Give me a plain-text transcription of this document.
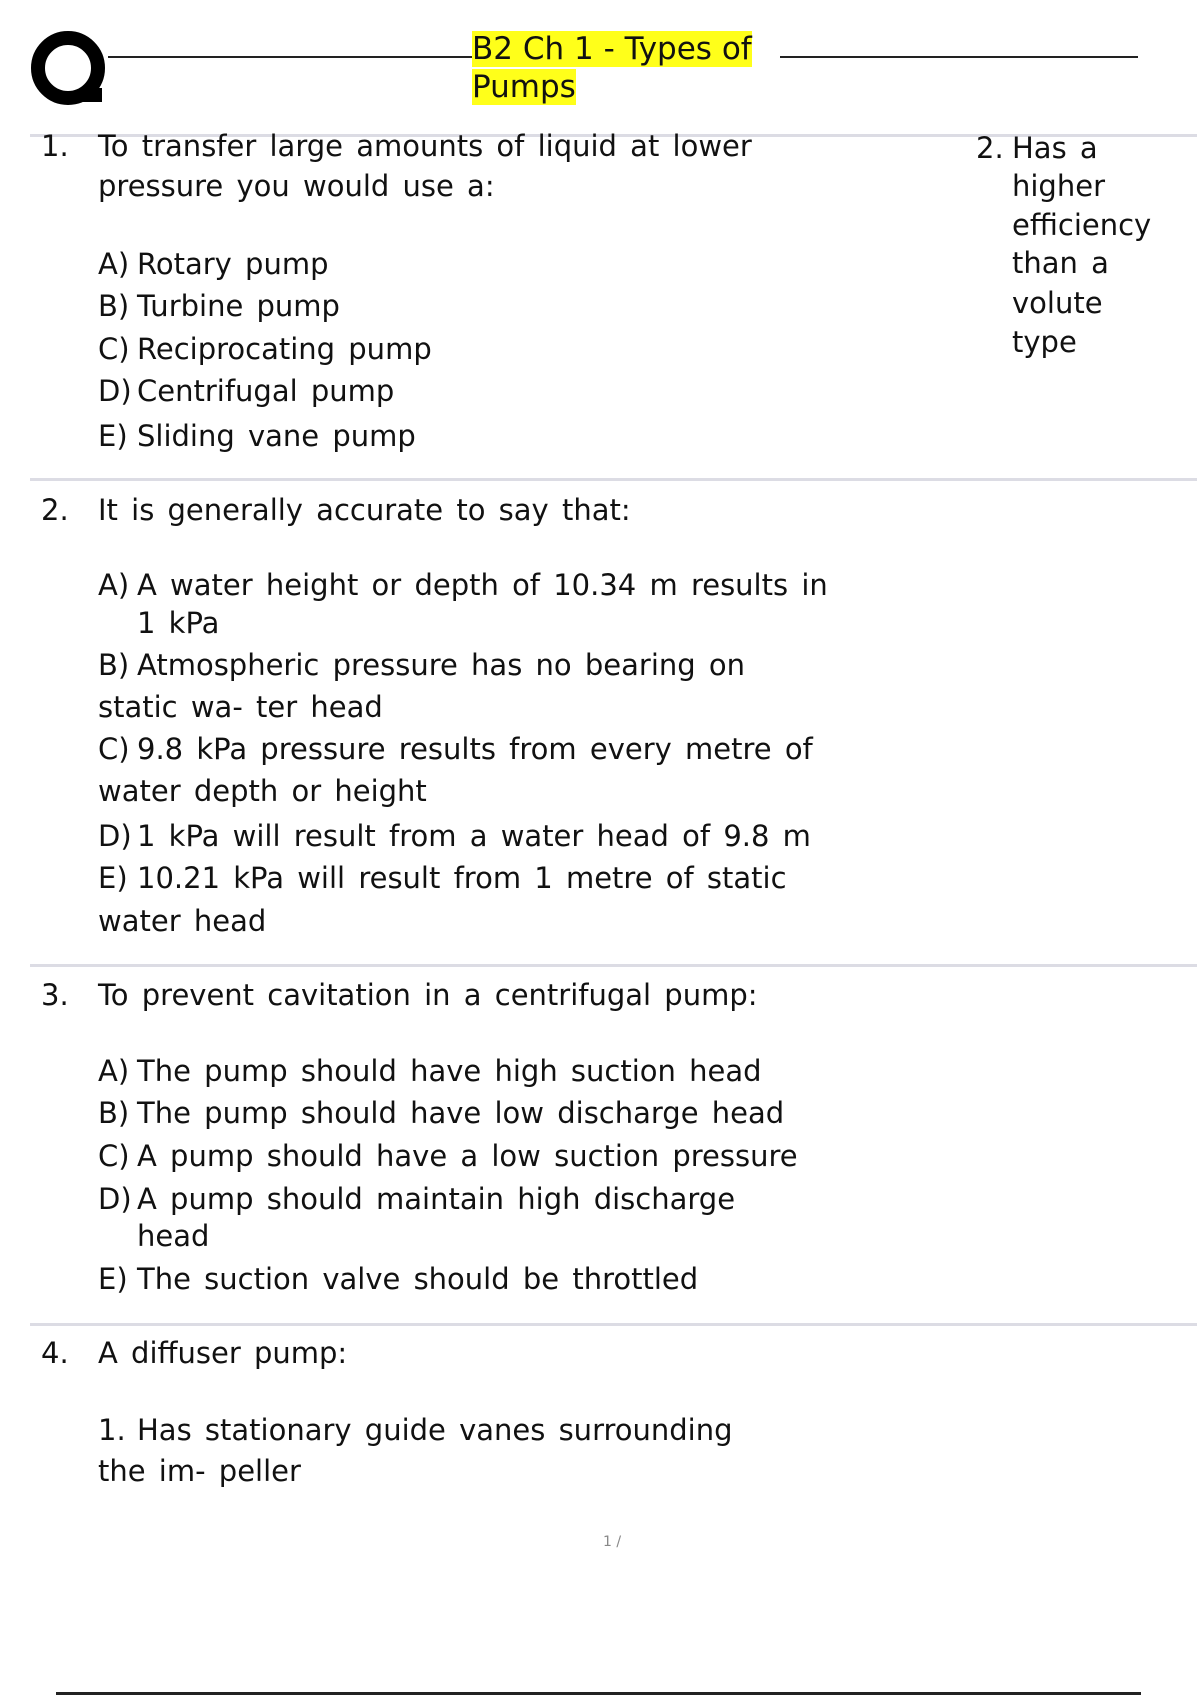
B2 Ch 1 - Types of
Pumps
1. To transfer large amounts of liquid at lower
pressure you would use a:
A) Rotary pump
B) Turbine pump
C) Reciprocating pump
D) Centrifugal pump
E) Sliding vane pump
2. It is generally accurate to say that:
A) A water height or depth of 10.34 m results in
1 kPa
B) Atmospheric pressure has no bearing on
static wa- ter head
C) 9.8 kPa pressure results from every metre of
water depth or height
D) 1 kPa will result from a water head of 9.8 m
E) 10.21 kPa will result from 1 metre of static
water head
3. To prevent cavitation in a centrifugal pump:
A) The pump should have high suction head
B) The pump should have low discharge head
C) A pump should have a low suction pressure
D) A pump should maintain high discharge
head
E) The suction valve should be throttled
4. A diffuser pump:
1. Has stationary guide vanes surrounding
the im- peller
2. Has a
higher
efficiency
than a
volute
type
1 /
